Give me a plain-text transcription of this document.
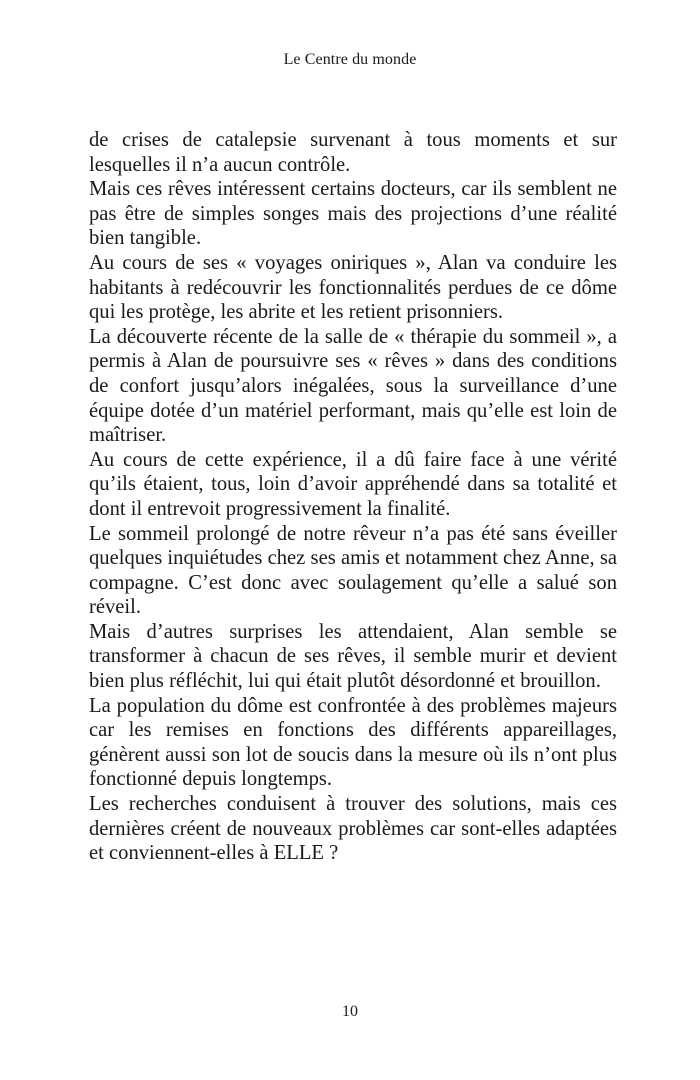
Le Centre du monde

de crises de catalepsie survenant à tous moments et sur lesquelles il n’a aucun contrôle.

Mais ces rêves intéressent certains docteurs, car ils semblent ne pas être de simples songes mais des projections d’une réalité bien tangible.

Au cours de ses « voyages oniriques », Alan va conduire les habitants à redécouvrir les fonctionnalités perdues de ce dôme qui les protège, les abrite et les retient prisonniers.

La découverte récente de la salle de « thérapie du sommeil », a permis à Alan de poursuivre ses « rêves » dans des conditions de confort jusqu’alors inégalées, sous la surveillance d’une équipe dotée d’un matériel performant, mais qu’elle est loin de maîtriser.

Au cours de cette expérience, il a dû faire face à une vérité qu’ils étaient, tous, loin d’avoir appréhendé dans sa totalité et dont il entrevoit progressivement la finalité.

Le sommeil prolongé de notre rêveur n’a pas été sans éveiller quelques inquiétudes chez ses amis et notamment chez Anne, sa compagne. C’est donc avec soulagement qu’elle a salué son réveil.

Mais d’autres surprises les attendaient, Alan semble se transformer à chacun de ses rêves, il semble murir et devient bien plus réfléchit, lui qui était plutôt désordonné et brouillon.

La population du dôme est confrontée à des problèmes majeurs car les remises en fonctions des différents appareillages, génèrent aussi son lot de soucis dans la mesure où ils n’ont plus fonctionné depuis longtemps.

Les recherches conduisent à trouver des solutions, mais ces dernières créent de nouveaux problèmes car sont-elles adaptées et conviennent-elles à ELLE ?

10
